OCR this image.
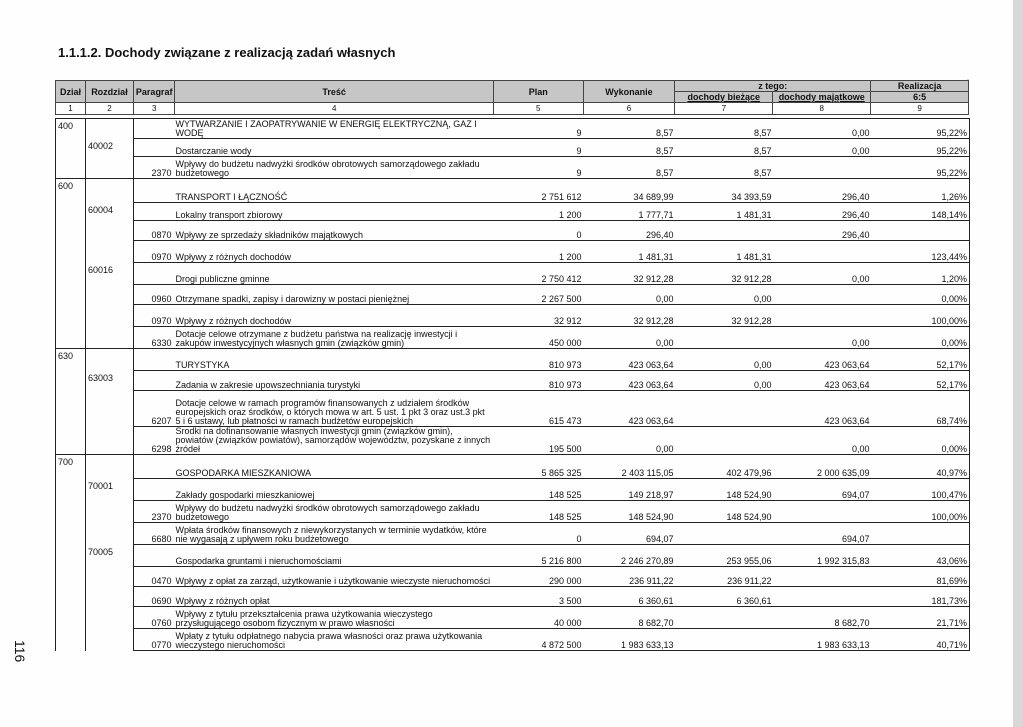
1.1.1.2. Dochody związane z realizacją zadań własnych
116
Dział	Rozdział	Paragraf	Treść	Plan	Wykonanie	z tego:		Realizacja
						dochody bieżące	dochody majątkowe	6:5
1	2	3	4	5	6	7	8	9
400			WYTWARZANIE I ZAOPATRYWANIE W ENERGIĘ ELEKTRYCZNĄ, GAZ I WODĘ	9	8,57	8,57	0,00	95,22%
	40002		Dostarczanie wody	9	8,57	8,57	0,00	95,22%
		2370	Wpływy do budżetu nadwyżki środków obrotowych samorządowego zakładu budżetowego	9	8,57	8,57		95,22%
600			TRANSPORT I ŁĄCZNOŚĆ	2 751 612	34 689,99	34 393,59	296,40	1,26%
	60004		Lokalny transport zbiorowy	1 200	1 777,71	1 481,31	296,40	148,14%
		0870	Wpływy ze sprzedaży składników majątkowych	0	296,40		296,40	
		0970	Wpływy z różnych dochodów	1 200	1 481,31	1 481,31		123,44%
	60016		Drogi publiczne gminne	2 750 412	32 912,28	32 912,28	0,00	1,20%
		0960	Otrzymane spadki, zapisy i darowizny w postaci pieniężnej	2 267 500	0,00	0,00		0,00%
		0970	Wpływy z różnych dochodów	32 912	32 912,28	32 912,28		100,00%
		6330	Dotacje celowe otrzymane z budżetu państwa na realizację inwestycji i zakupów inwestycyjnych własnych gmin (związków gmin)	450 000	0,00		0,00	0,00%
630			TURYSTYKA	810 973	423 063,64	0,00	423 063,64	52,17%
	63003		Zadania w zakresie upowszechniania turystyki	810 973	423 063,64	0,00	423 063,64	52,17%
		6207	Dotacje celowe w ramach programów finansowanych z udziałem środków europejskich oraz środków, o których mowa w art. 5 ust. 1 pkt 3 oraz ust.3 pkt 5 i 6 ustawy, lub płatności w ramach budżetów europejskich	615 473	423 063,64		423 063,64	68,74%
		6298	Środki na dofinansowanie własnych inwestycji gmin (związków gmin), powiatów (związków powiatów), samorządów województw, pozyskane z innych źródeł	195 500	0,00		0,00	0,00%
700			GOSPODARKA MIESZKANIOWA	5 865 325	2 403 115,05	402 479,96	2 000 635,09	40,97%
	70001		Zakłady gospodarki mieszkaniowej	148 525	149 218,97	148 524,90	694,07	100,47%
		2370	Wpływy do budżetu nadwyżki środków obrotowych samorządowego zakładu budżetowego	148 525	148 524,90	148 524,90		100,00%
		6680	Wpłata środków finansowych z niewykorzystanych w terminie wydatków, które nie wygasają z upływem roku budżetowego	0	694,07		694,07	
	70005		Gospodarka gruntami i nieruchomościami	5 216 800	2 246 270,89	253 955,06	1 992 315,83	43,06%
		0470	Wpływy z opłat za zarząd, użytkowanie i użytkowanie wieczyste nieruchomości	290 000	236 911,22	236 911,22		81,69%
		0690	Wpływy z różnych opłat	3 500	6 360,61	6 360,61		181,73%
		0760	Wpływy z tytułu przekształcenia prawa użytkowania wieczystego przysługującego osobom fizycznym w prawo własności	40 000	8 682,70		8 682,70	21,71%
		0770	Wpłaty z tytułu odpłatnego nabycia prawa własności oraz prawa użytkowania wieczystego nieruchomości	4 872 500	1 983 633,13		1 983 633,13	40,71%
